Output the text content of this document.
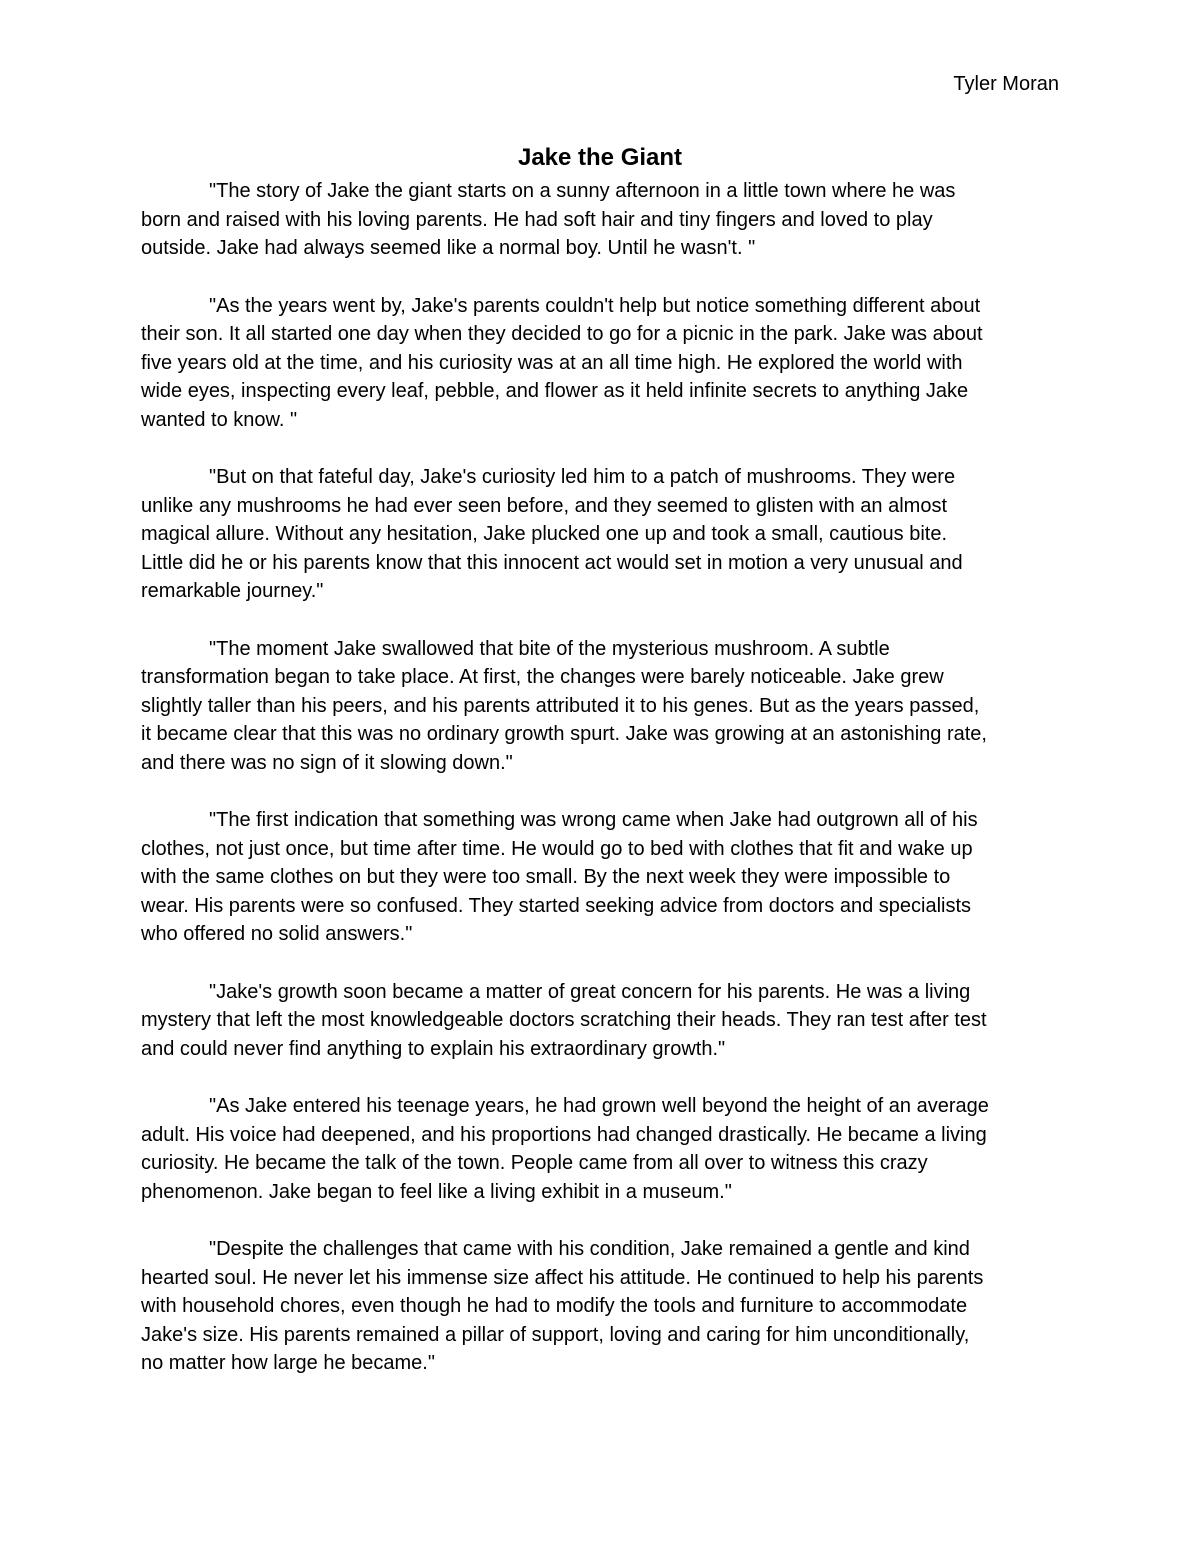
Tyler Moran
Jake the Giant

"The story of Jake the giant starts on a sunny afternoon in a little town where he was
born and raised with his loving parents. He had soft hair and tiny fingers and loved to play
outside. Jake had always seemed like a normal boy. Until he wasn't. "

"As the years went by, Jake's parents couldn't help but notice something different about
their son. It all started one day when they decided to go for a picnic in the park. Jake was about
five years old at the time, and his curiosity was at an all time high. He explored the world with
wide eyes, inspecting every leaf, pebble, and flower as it held infinite secrets to anything Jake
wanted to know. "

"But on that fateful day, Jake's curiosity led him to a patch of mushrooms. They were
unlike any mushrooms he had ever seen before, and they seemed to glisten with an almost
magical allure. Without any hesitation, Jake plucked one up and took a small, cautious bite.
Little did he or his parents know that this innocent act would set in motion a very unusual and
remarkable journey."

"The moment Jake swallowed that bite of the mysterious mushroom. A subtle
transformation began to take place. At first, the changes were barely noticeable. Jake grew
slightly taller than his peers, and his parents attributed it to his genes. But as the years passed,
it became clear that this was no ordinary growth spurt. Jake was growing at an astonishing rate,
and there was no sign of it slowing down."

"The first indication that something was wrong came when Jake had outgrown all of his
clothes, not just once, but time after time. He would go to bed with clothes that fit and wake up
with the same clothes on but they were too small. By the next week they were impossible to
wear. His parents were so confused. They started seeking advice from doctors and specialists
who offered no solid answers."

"Jake's growth soon became a matter of great concern for his parents. He was a living
mystery that left the most knowledgeable doctors scratching their heads. They ran test after test
and could never find anything to explain his extraordinary growth."

"As Jake entered his teenage years, he had grown well beyond the height of an average
adult. His voice had deepened, and his proportions had changed drastically. He became a living
curiosity. He became the talk of the town. People came from all over to witness this crazy
phenomenon. Jake began to feel like a living exhibit in a museum."

"Despite the challenges that came with his condition, Jake remained a gentle and kind
hearted soul. He never let his immense size affect his attitude. He continued to help his parents
with household chores, even though he had to modify the tools and furniture to accommodate
Jake's size. His parents remained a pillar of support, loving and caring for him unconditionally,
no matter how large he became."
